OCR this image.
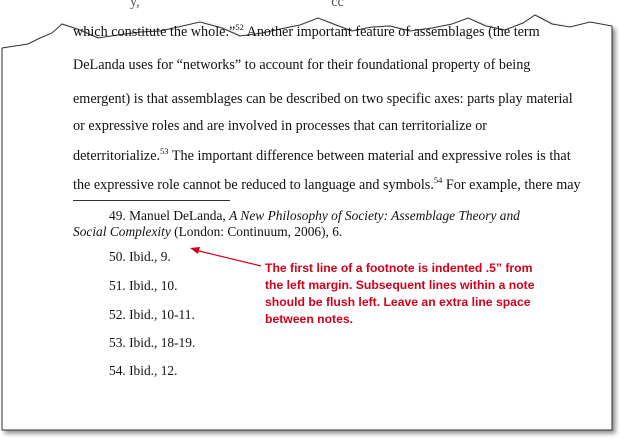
y,                                                      cc
which constitute the whole.”$^{52}$ Another important feature of assemblages (the term
DeLanda uses for “networks” to account for their foundational property of being
emergent) is that assemblages can be described on two specific axes: parts play material
or expressive roles and are involved in processes that can territorialize or
deterritorialize.$^{53}$ The important difference between material and expressive roles is that
the expressive role cannot be reduced to language and symbols.$^{54}$ For example, there may
49. Manuel DeLanda, A New Philosophy of Society: Assemblage Theory and
Social Complexity (London: Continuum, 2006), 6.
50. Ibid., 9.
51. Ibid., 10.
52. Ibid., 10-11.
53. Ibid., 18-19.
54. Ibid., 12.
The first line of a footnote is indented .5” from
the left margin. Subsequent lines within a note
should be flush left. Leave an extra line space
between notes.
